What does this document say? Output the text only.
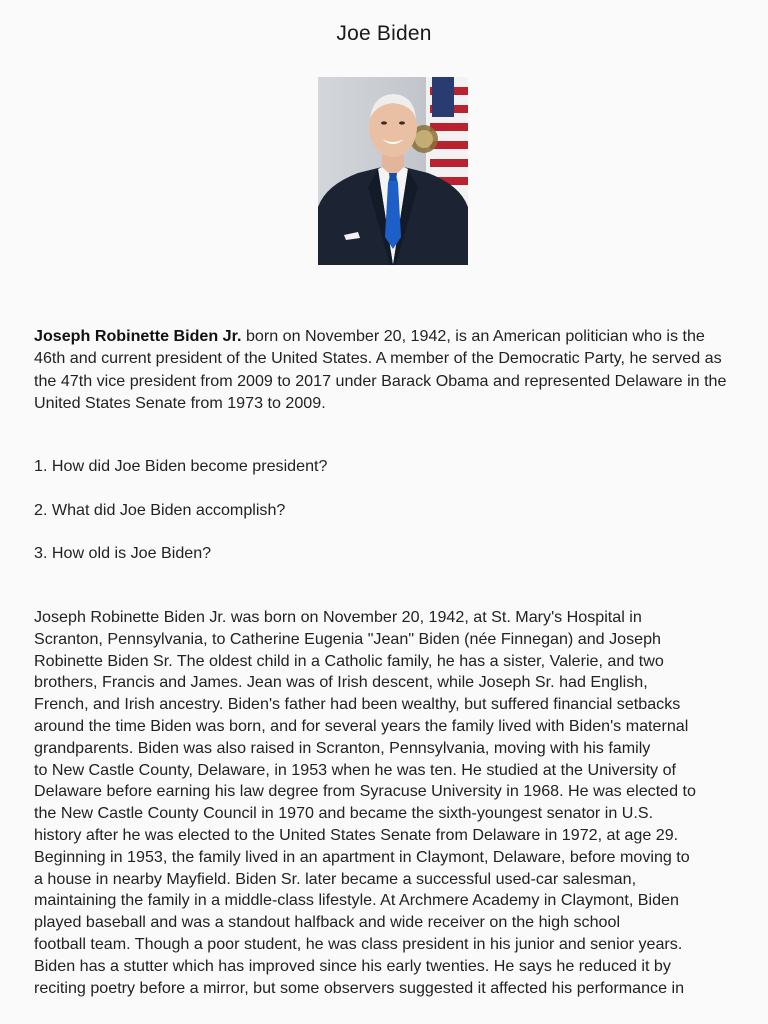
Joe Biden

Joseph Robinette Biden Jr. born on November 20, 1942, is an American politician who is the 46th and current president of the United States. A member of the Democratic Party, he served as the 47th vice president from 2009 to 2017 under Barack Obama and represented Delaware in the United States Senate from 1973 to 2009.

1. How did Joe Biden become president?
2. What did Joe Biden accomplish?
3. How old is Joe Biden?
Joseph Robinette Biden Jr. was born on November 20, 1942, at St. Mary's Hospital in
Scranton, Pennsylvania, to Catherine Eugenia "Jean" Biden (née Finnegan) and Joseph
Robinette Biden Sr. The oldest child in a Catholic family, he has a sister, Valerie, and two
brothers, Francis and James. Jean was of Irish descent, while Joseph Sr. had English,
French, and Irish ancestry. Biden's father had been wealthy, but suffered financial setbacks
around the time Biden was born, and for several years the family lived with Biden's maternal
grandparents. Biden was also raised in Scranton, Pennsylvania, moving with his family
to New Castle County, Delaware, in 1953 when he was ten. He studied at the University of
Delaware before earning his law degree from Syracuse University in 1968. He was elected to
the New Castle County Council in 1970 and became the sixth-youngest senator in U.S.
history after he was elected to the United States Senate from Delaware in 1972, at age 29.
Beginning in 1953, the family lived in an apartment in Claymont, Delaware, before moving to
a house in nearby Mayfield. Biden Sr. later became a successful used-car salesman,
maintaining the family in a middle-class lifestyle. At Archmere Academy in Claymont, Biden
played baseball and was a standout halfback and wide receiver on the high school
football team. Though a poor student, he was class president in his junior and senior years.
Biden has a stutter which has improved since his early twenties. He says he reduced it by
reciting poetry before a mirror, but some observers suggested it affected his performance in
